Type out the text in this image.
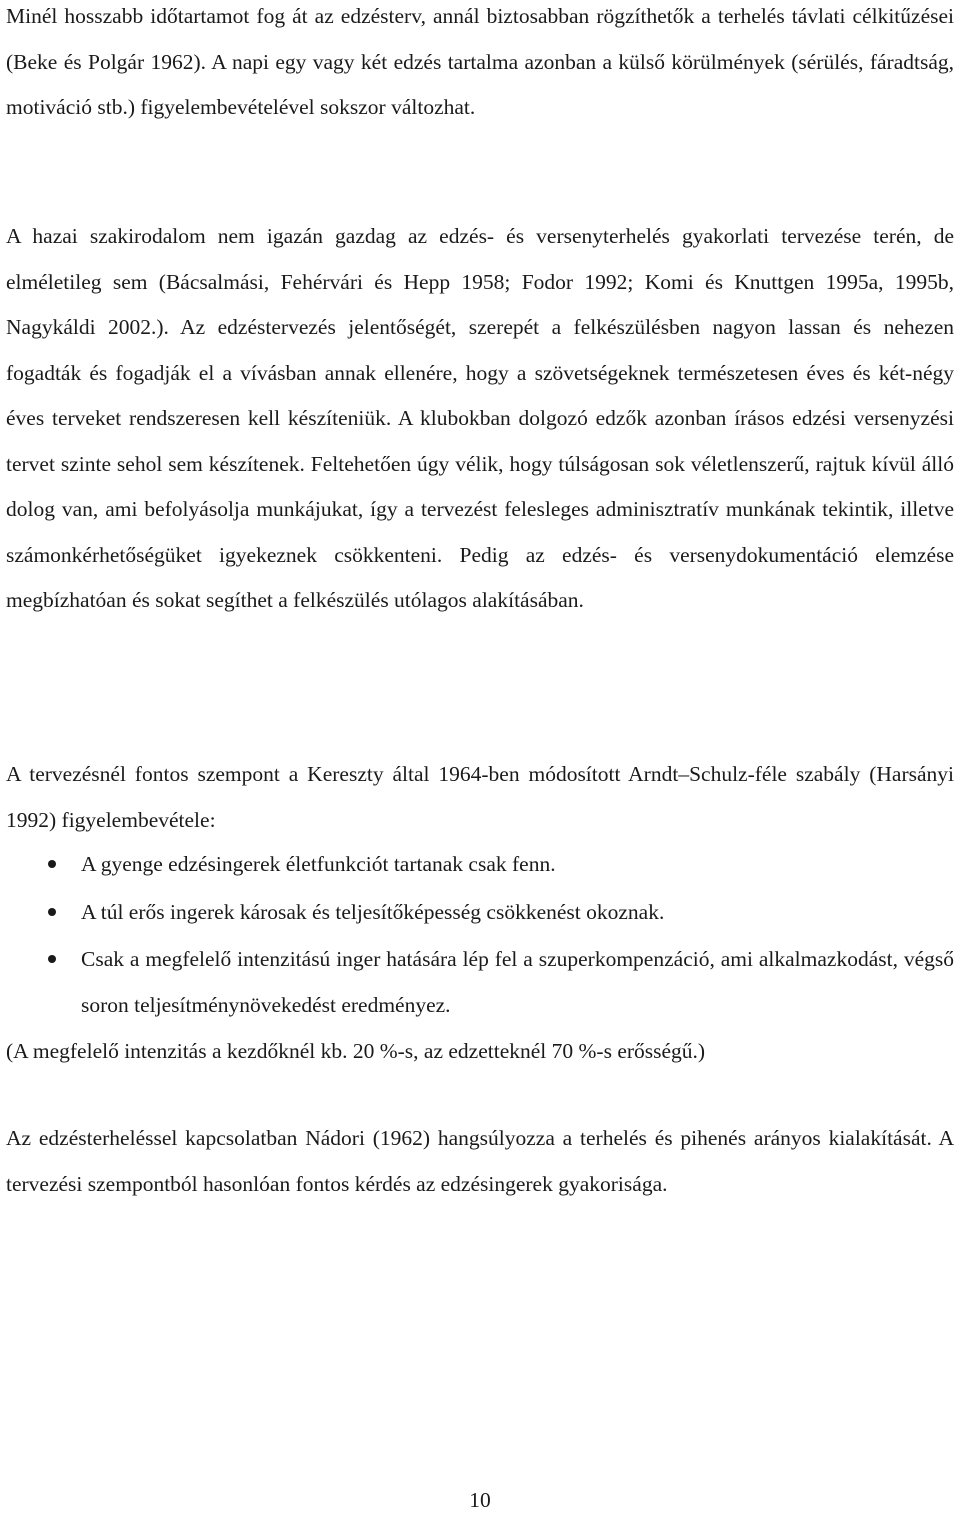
Minél hosszabb időtartamot fog át az edzésterv, annál biztosabban rögzíthetők a terhelés távlati célkitűzései (Beke és Polgár 1962). A napi egy vagy két edzés tartalma azonban a külső körülmények (sérülés, fáradtság, motiváció stb.) figyelembevételével sokszor változhat.

A hazai szakirodalom nem igazán gazdag az edzés- és versenyterhelés gyakorlati tervezése terén, de elméletileg sem (Bácsalmási, Fehérvári és Hepp 1958; Fodor 1992; Komi és Knuttgen 1995a, 1995b, Nagykáldi 2002.). Az edzéstervezés jelentőségét, szerepét a felkészülésben nagyon lassan és nehezen fogadták és fogadják el a vívásban annak ellenére, hogy a szövetségeknek természetesen éves és két-négy éves terveket rendszeresen kell készíteniük. A klubokban dolgozó edzők azonban írásos edzési versenyzési tervet szinte sehol sem készítenek. Feltehetően úgy vélik, hogy túlságosan sok véletlenszerű, rajtuk kívül álló dolog van, ami befolyásolja munkájukat, így a tervezést felesleges adminisztratív munkának tekintik, illetve számonkérhetőségüket igyekeznek csökkenteni. Pedig az edzés- és versenydokumentáció elemzése megbízhatóan és sokat segíthet a felkészülés utólagos alakításában.

A tervezésnél fontos szempont a Kereszty által 1964-ben módosított Arndt–Schulz-féle szabály (Harsányi 1992) figyelembevétele:

A gyenge edzésingerek életfunkciót tartanak csak fenn.
A túl erős ingerek károsak és teljesítőképesség csökkenést okoznak.
Csak a megfelelő intenzitású inger hatására lép fel a szuperkompenzáció, ami alkalmazkodást, végső soron teljesítménynövekedést eredményez.

(A megfelelő intenzitás a kezdőknél kb. 20 %-s, az edzetteknél 70 %-s erősségű.)

Az edzésterheléssel kapcsolatban Nádori (1962) hangsúlyozza a terhelés és pihenés arányos kialakítását. A tervezési szempontból hasonlóan fontos kérdés az edzésingerek gyakorisága.

10
